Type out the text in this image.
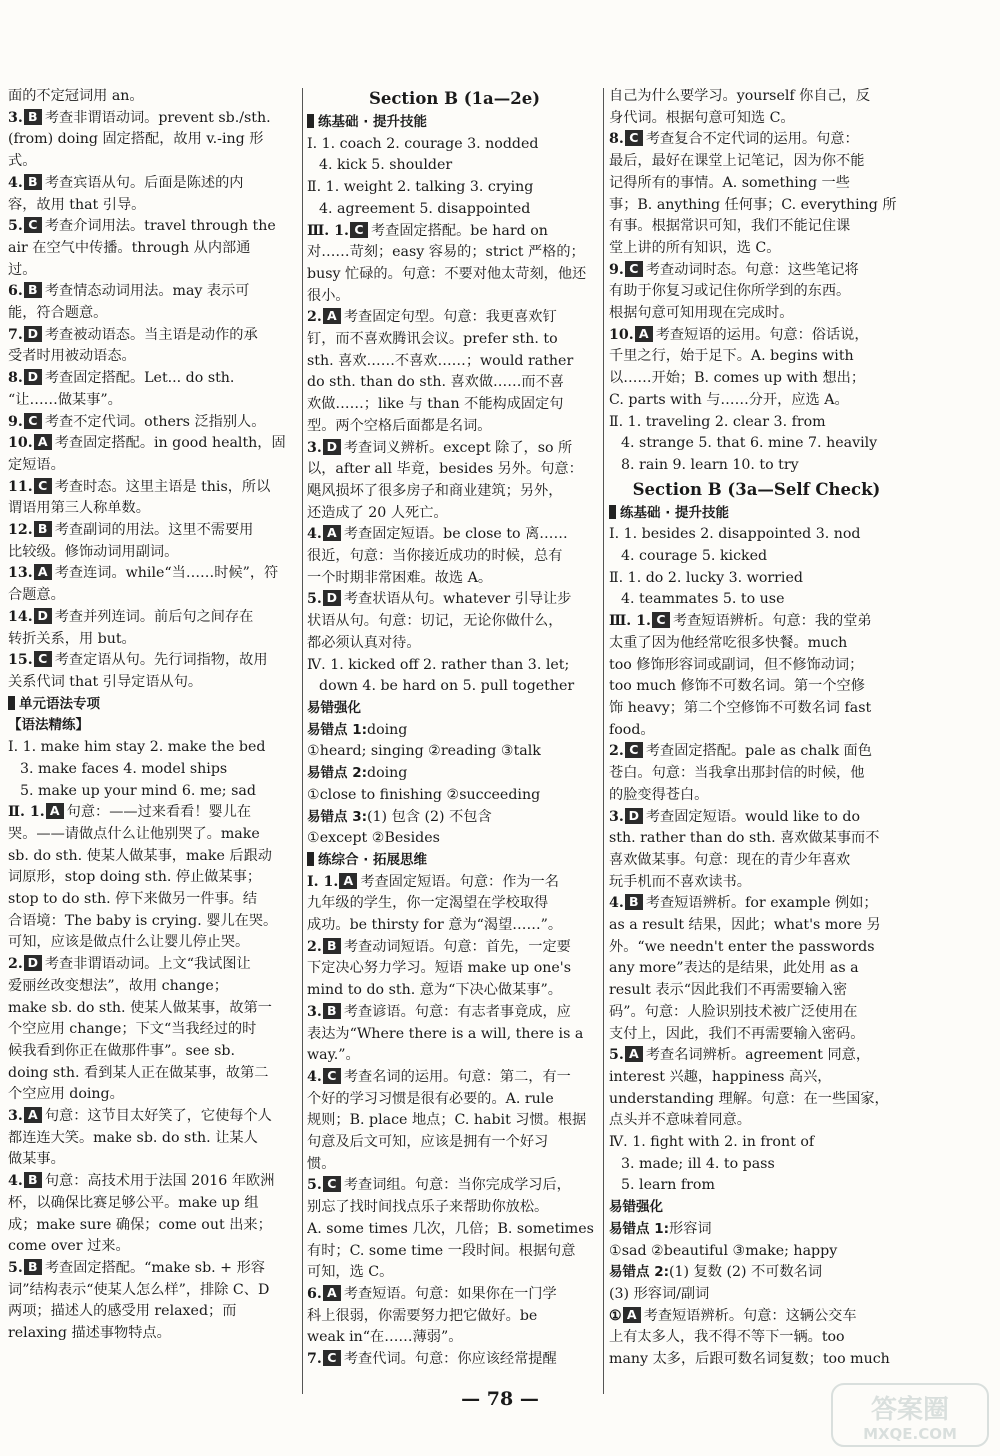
面的不定冠词用 an。
3. B 考查非谓语动词。prevent sb./sth.
(from) doing 固定搭配，故用 v.-ing 形
式。
4. B 考查宾语从句。后面是陈述的内
容，故用 that 引导。
5. C 考查介词用法。travel through the
air 在空气中传播。through 从内部通
过。
6. B 考查情态动词用法。may 表示可
能，符合题意。
7. D 考查被动语态。当主语是动作的承
受者时用被动语态。
8. D 考查固定搭配。Let... do sth.
“让……做某事”。
9. C 考查不定代词。others 泛指别人。
10. A 考查固定搭配。in good health，固
定短语。
11. C 考查时态。这里主语是 this，所以
谓语用第三人称单数。
12. B 考查副词的用法。这里不需要用
比较级。修饰动词用副词。
13. A 考查连词。while“当……时候”，符
合题意。
14. D 考查并列连词。前后句之间存在
转折关系，用 but。
15. C 考查定语从句。先行词指物，故用
关系代词 that 引导定语从句。
单元语法专项
【语法精练】
Ⅰ. 1. make him stay 2. make the bed
3. make faces 4. model ships
5. make up your mind 6. me; sad
Ⅱ. 1. A 句意：——过来看看！婴儿在
哭。——请做点什么让他别哭了。make
sb. do sth. 使某人做某事，make 后跟动
词原形，stop doing sth. 停止做某事；
stop to do sth. 停下来做另一件事。结
合语境：The baby is crying. 婴儿在哭。
可知，应该是做点什么让婴儿停止哭。
2. D 考查非谓语动词。上文“我试图让
爱丽丝改变想法”，故用 change；
make sb. do sth. 使某人做某事，故第一
个空应用 change；下文“当我经过的时
候我看到你正在做那件事”。see sb.
doing sth. 看到某人正在做某事，故第二
个空应用 doing。
3. A 句意：这节目太好笑了，它使每个人
都连连大笑。make sb. do sth. 让某人
做某事。
4. B 句意：高技术用于法国 2016 年欧洲
杯，以确保比赛足够公平。make up 组
成；make sure 确保；come out 出来；
come over 过来。
5. B 考查固定搭配。“make sb. + 形容
词”结构表示“使某人怎么样”，排除 C、D
两项；描述人的感受用 relaxed；而
relaxing 描述事物特点。
Section B (1a—2e)
练基础 · 提升技能
Ⅰ. 1. coach 2. courage 3. nodded
4. kick 5. shoulder
Ⅱ. 1. weight 2. talking 3. crying
4. agreement 5. disappointed
Ⅲ. 1. C 考查固定搭配。be hard on
对……苛刻；easy 容易的；strict 严格的；
busy 忙碌的。句意：不要对他太苛刻，他还
很小。
2. A 考查固定句型。句意：我更喜欢钉
钉，而不喜欢腾讯会议。prefer sth. to
sth. 喜欢……不喜欢……；would rather
do sth. than do sth. 喜欢做……而不喜
欢做……；like 与 than 不能构成固定句
型。两个空格后面都是名词。
3. D 考查词义辨析。except 除了，so 所
以，after all 毕竟，besides 另外。句意：
飓风损坏了很多房子和商业建筑；另外，
还造成了 20 人死亡。
4. A 考查固定短语。be close to 离……
很近，句意：当你接近成功的时候，总有
一个时期非常困难。故选 A。
5. D 考查状语从句。whatever 引导让步
状语从句。句意：切记，无论你做什么，
都必须认真对待。
Ⅳ. 1. kicked off 2. rather than 3. let;
down 4. be hard on 5. pull together
易错强化
易错点 1:doing
①heard; singing ②reading ③talk
易错点 2:doing
①close to finishing ②succeeding
易错点 3:(1) 包含 (2) 不包含
①except ②Besides
练综合 · 拓展思维
Ⅰ. 1. A 考查固定短语。句意：作为一名
九年级的学生，你一定渴望在学校取得
成功。be thirsty for 意为“渴望……”。
2. B 考查动词短语。句意：首先，一定要
下定决心努力学习。短语 make up one's
mind to do sth. 意为“下决心做某事”。
3. B 考查谚语。句意：有志者事竟成，应
表达为“Where there is a will, there is a
way.”。
4. C 考查名词的运用。句意：第二，有一
个好的学习习惯是很有必要的。A. rule
规则；B. place 地点；C. habit 习惯。根据
句意及后文可知，应该是拥有一个好习
惯。
5. C 考查词组。句意：当你完成学习后，
别忘了找时间找点乐子来帮助你放松。
A. some times 几次，几倍；B. sometimes
有时；C. some time 一段时间。根据句意
可知，选 C。
6. A 考查短语。句意：如果你在一门学
科上很弱，你需要努力把它做好。be
weak in“在……薄弱”。
7. C 考查代词。句意：你应该经常提醒
自己为什么要学习。yourself 你自己，反
身代词。根据句意可知选 C。
8. C 考查复合不定代词的运用。句意：
最后，最好在课堂上记笔记，因为你不能
记得所有的事情。A. something 一些
事；B. anything 任何事；C. everything 所
有事。根据常识可知，我们不能记住课
堂上讲的所有知识，选 C。
9. C 考查动词时态。句意：这些笔记将
有助于你复习或记住你所学到的东西。
根据句意可知用现在完成时。
10. A 考查短语的运用。句意：俗话说，
千里之行，始于足下。A. begins with
以……开始；B. comes up with 想出；
C. parts with 与……分开，应选 A。
Ⅱ. 1. traveling 2. clear 3. from
4. strange 5. that 6. mine 7. heavily
8. rain 9. learn 10. to try
Section B (3a—Self Check)
练基础 · 提升技能
Ⅰ. 1. besides 2. disappointed 3. nod
4. courage 5. kicked
Ⅱ. 1. do 2. lucky 3. worried
4. teammates 5. to use
Ⅲ. 1. C 考查短语辨析。句意：我的堂弟
太重了因为他经常吃很多快餐。much
too 修饰形容词或副词，但不修饰动词；
too much 修饰不可数名词。第一个空修
饰 heavy；第二个空修饰不可数名词 fast
food。
2. C 考查固定搭配。pale as chalk 面色
苍白。句意：当我拿出那封信的时候，他
的脸变得苍白。
3. D 考查固定短语。would like to do
sth. rather than do sth. 喜欢做某事而不
喜欢做某事。句意：现在的青少年喜欢
玩手机而不喜欢读书。
4. B 考查短语辨析。for example 例如；
as a result 结果，因此；what's more 另
外。“we needn't enter the passwords
any more”表达的是结果，此处用 as a
result 表示“因此我们不再需要输入密
码”。句意：人脸识别技术被广泛使用在
支付上，因此，我们不再需要输入密码。
5. A 考查名词辨析。agreement 同意，
interest 兴趣，happiness 高兴，
understanding 理解。句意：在一些国家，
点头并不意味着同意。
Ⅳ. 1. fight with 2. in front of
3. made; ill 4. to pass
5. learn from
易错强化
易错点 1:形容词
①sad ②beautiful ③make; happy
易错点 2:(1) 复数 (2) 不可数名词
(3) 形容词/副词
① A 考查短语辨析。句意：这辆公交车
上有太多人，我不得不等下一辆。too
many 太多，后跟可数名词复数；too much
— 78 —	答案圈
MXQE.COM
